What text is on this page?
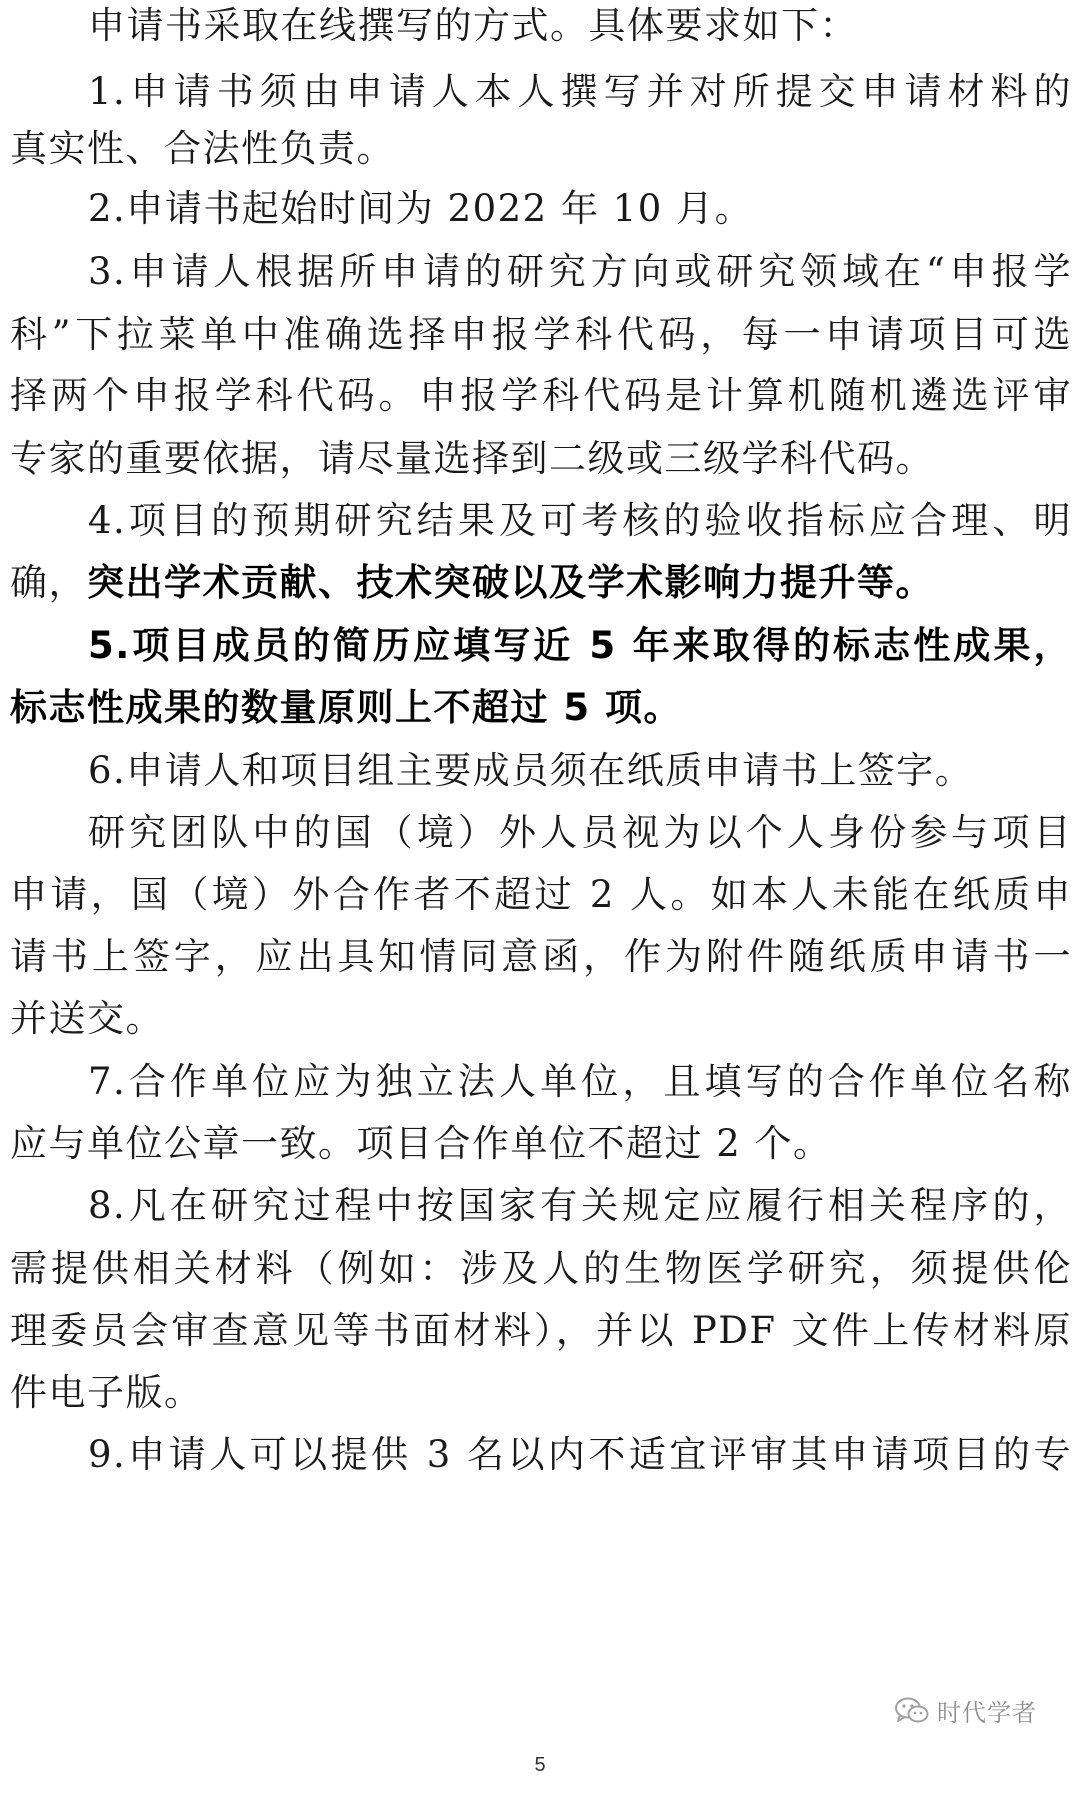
申请书采取在线撰写的方式。具体要求如下：
1.申请书须由申请人本人撰写并对所提交申请材料的
真实性、合法性负责。
2.申请书起始时间为 2022 年 10 月。
3.申请人根据所申请的研究方向或研究领域在“申报学
科”下拉菜单中准确选择申报学科代码，每一申请项目可选
择两个申报学科代码。申报学科代码是计算机随机遴选评审
专家的重要依据，请尽量选择到二级或三级学科代码。
4.项目的预期研究结果及可考核的验收指标应合理、明
确，突出学术贡献、技术突破以及学术影响力提升等。
5.项目成员的简历应填写近 5 年来取得的标志性成果，
标志性成果的数量原则上不超过 5 项。
6.申请人和项目组主要成员须在纸质申请书上签字。
研究团队中的国（境）外人员视为以个人身份参与项目
申请，国（境）外合作者不超过 2 人。如本人未能在纸质申
请书上签字，应出具知情同意函，作为附件随纸质申请书一
并送交。
7.合作单位应为独立法人单位，且填写的合作单位名称
应与单位公章一致。项目合作单位不超过 2 个。
8.凡在研究过程中按国家有关规定应履行相关程序的，
需提供相关材料（例如：涉及人的生物医学研究，须提供伦
理委员会审查意见等书面材料），并以 PDF 文件上传材料原
件电子版。
9.申请人可以提供 3 名以内不适宜评审其申请项目的专
时代学者
5
